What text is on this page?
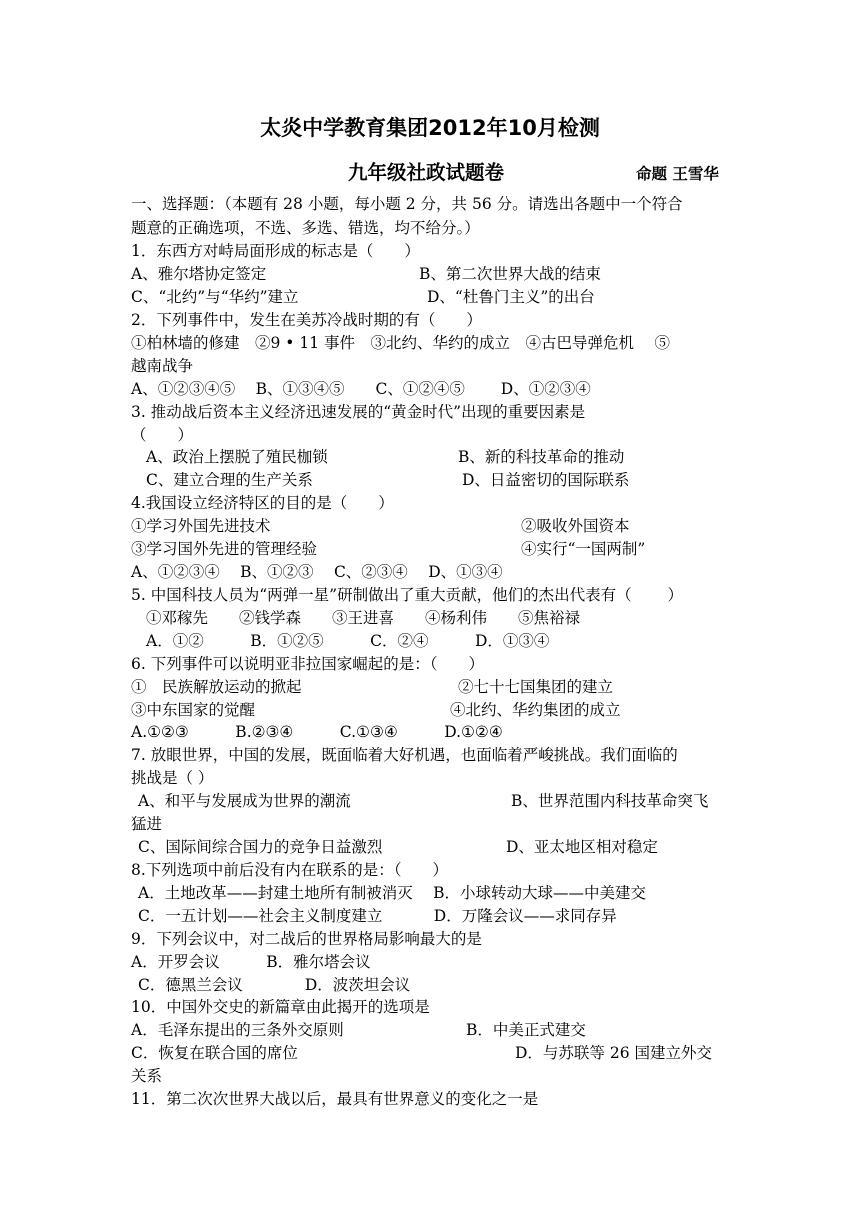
太炎中学教育集团2012年10月检测
九年级社政试题卷	命题 王雪华
一、选择题：（本题有 28 小题，每小题 2 分，共 56 分。请选出各题中一个符合
题意的正确选项，不选、多选、错选，均不给分。）
1．东西方对峙局面形成的标志是（　　）
A、雅尔塔协定签定	B、第二次世界大战的结束
C、“北约”与“华约”建立	D、“杜鲁门主义”的出台
2．下列事件中，发生在美苏冷战时期的有（　　）
①柏林墙的修建　②9 • 11 事件　③北约、华约的成立　④古巴导弹危机　 ⑤
越南战争
A、①②③④⑤　 B、①③④⑤　　C、①②④⑤　　 D、①②③④
3. 推动战后资本主义经济迅速发展的“黄金时代”出现的重要因素是
（　　）
A、政治上摆脱了殖民枷锁	B、新的科技革命的推动
C、建立合理的生产关系	D、日益密切的国际联系
4.我国设立经济特区的目的是（　　）
①学习外国先进技术	②吸收外国资本
③学习国外先进的管理经验	④实行“一国两制”
A、①②③④　 B、①②③　 C、②③④　 D、①③④
5. 中国科技人员为“两弹一星”研制做出了重大贡献，他们的杰出代表有（　　 ）
①邓稼先　　②钱学森　　③王进喜　　④杨利伟　　⑤焦裕禄
A．①②　　　B．①②⑤　　　C．②④　　　D．①③④
6. 下列事件可以说明亚非拉国家崛起的是：（　　）
①　民族解放运动的掀起	②七十七国集团的建立
③中东国家的觉醒	④北约、华约集团的成立
A.①②③　　　B.②③④　　　C.①③④　　　D.①②④
7. 放眼世界，中国的发展，既面临着大好机遇，也面临着严峻挑战。我们面临的
挑战是（ ）
A、和平与发展成为世界的潮流	B、世界范围内科技革命突飞
猛进
C、国际间综合国力的竞争日益激烈	D、亚太地区相对稳定
8.下列选项中前后没有内在联系的是：（　　）
A．土地改革——封建土地所有制被消灭　 B．小球转动大球——中美建交
C．一五计划——社会主义制度建立　　　 D．万隆会议——求同存异
9．下列会议中，对二战后的世界格局影响最大的是
A．开罗会议　　　B．雅尔塔会议
C．德黑兰会议　　　　D．波茨坦会议
10．中国外交史的新篇章由此揭开的选项是
A．毛泽东提出的三条外交原则	B．中美正式建交
C．恢复在联合国的席位	D．与苏联等 26 国建立外交
关系
11．第二次次世界大战以后，最具有世界意义的变化之一是
